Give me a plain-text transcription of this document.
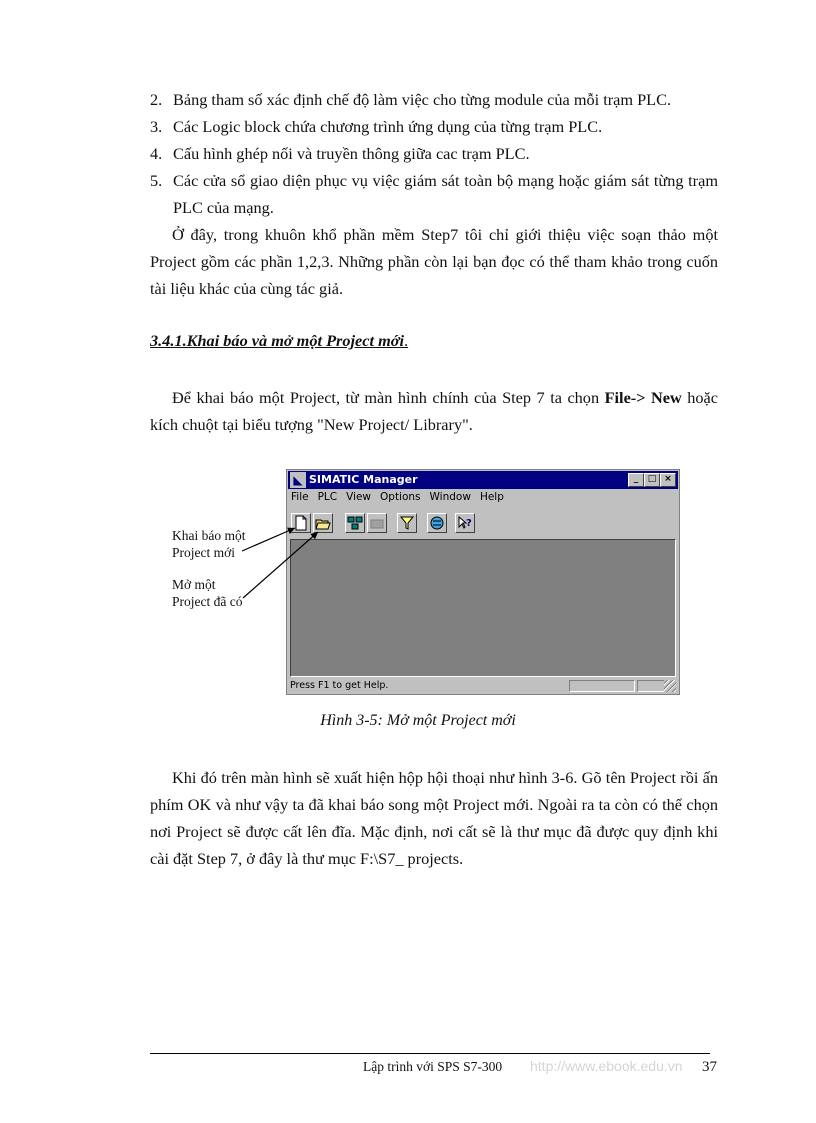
2. Bảng tham số xác định chế độ làm việc cho từng module của mỗi trạm PLC.
3. Các Logic block chứa chương trình ứng dụng của từng trạm PLC.
4. Cấu hình ghép nối và truyền thông giữa cac trạm PLC.
5. Các cửa sổ giao diện phục vụ việc giám sát toàn bộ mạng hoặc giám sát từng trạm PLC của mạng.
Ở đây, trong khuôn khổ phần mềm Step7 tôi chỉ giới thiệu việc soạn thảo một Project gồm các phần 1,2,3. Những phần còn lại bạn đọc có thể tham khảo trong cuốn tài liệu khác của cùng tác giả.
3.4.1.Khai báo và mở một Project mới.
Để khai báo một Project, từ màn hình chính của Step 7 ta chọn File-> New hoặc kích chuột tại biểu tượng "New Project/ Library".
◣ SIMATIC Manager	_	□ ×
File PLC View Options Window Help
?
Press F1 to get Help.
Khai báo một
Project mới
Mở một
Project đã có
Hình 3-5: Mở một Project mới
Khi đó trên màn hình sẽ xuất hiện hộp hội thoại như hình 3-6. Gõ tên Project rồi ấn phím OK và như vậy ta đã khai báo song một Project mới. Ngoài ra ta còn có thể chọn nơi Project sẽ được cất lên đĩa. Mặc định, nơi cất sẽ là thư mục đã được quy định khi cài đặt Step 7, ở đây là thư mục F:\S7_ projects.
Lập trình với SPS S7-300 http://www.ebook.edu.vn 37
